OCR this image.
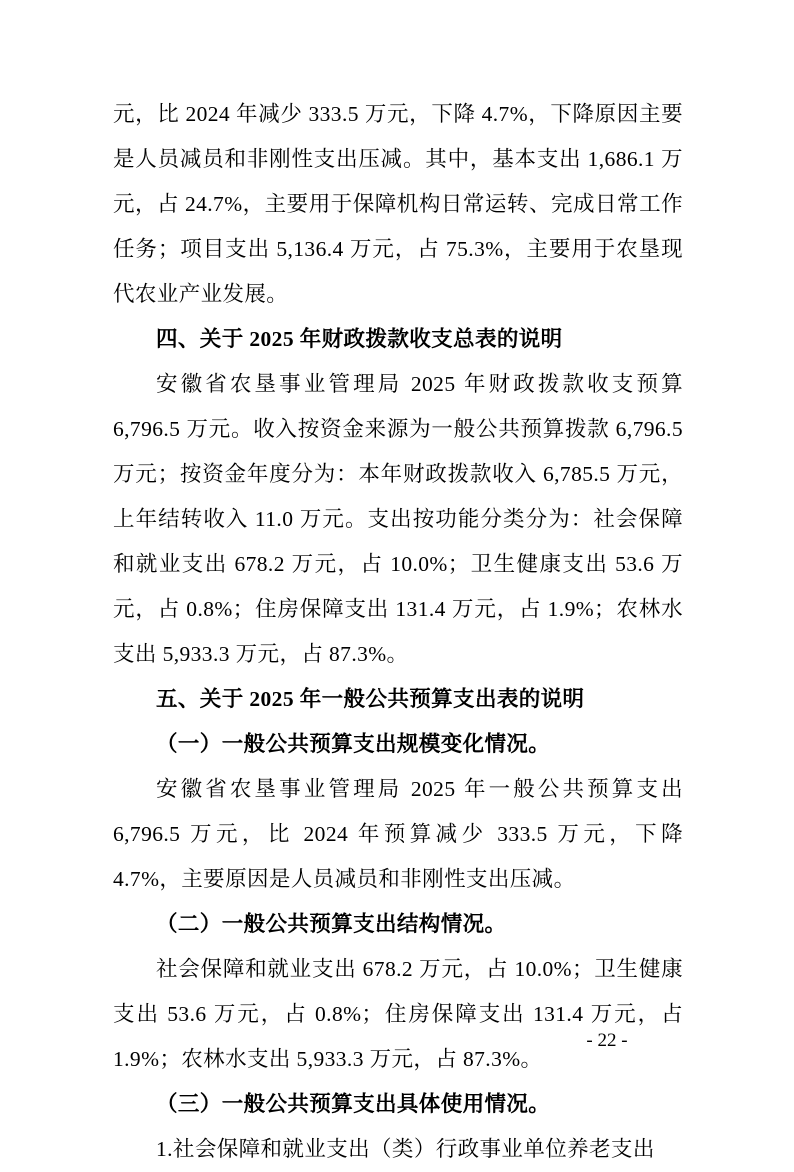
元，比 2024 年减少 333.5 万元，下降 4.7%，下降原因主要是人员减员和非刚性支出压减。其中，基本支出 1,686.1 万元，占 24.7%，主要用于保障机构日常运转、完成日常工作任务；项目支出 5,136.4 万元，占 75.3%，主要用于农垦现代农业产业发展。

四、关于 2025 年财政拨款收支总表的说明

安徽省农垦事业管理局 2025 年财政拨款收支预算 6,796.5 万元。收入按资金来源为一般公共预算拨款 6,796.5 万元；按资金年度分为：本年财政拨款收入 6,785.5 万元，上年结转收入 11.0 万元。支出按功能分类分为：社会保障和就业支出 678.2 万元，占 10.0%；卫生健康支出 53.6 万元，占 0.8%；住房保障支出 131.4 万元，占 1.9%；农林水支出 5,933.3 万元，占 87.3%。

五、关于 2025 年一般公共预算支出表的说明

（一）一般公共预算支出规模变化情况。

安徽省农垦事业管理局 2025 年一般公共预算支出 6,796.5 万元，比 2024 年预算减少 333.5 万元，下降 4.7%，主要原因是人员减员和非刚性支出压减。

（二）一般公共预算支出结构情况。

社会保障和就业支出 678.2 万元，占 10.0%；卫生健康支出 53.6 万元，占 0.8%；住房保障支出 131.4 万元，占 1.9%；农林水支出 5,933.3 万元，占 87.3%。

（三）一般公共预算支出具体使用情况。

1.社会保障和就业支出（类）行政事业单位养老支出

- 22 -
